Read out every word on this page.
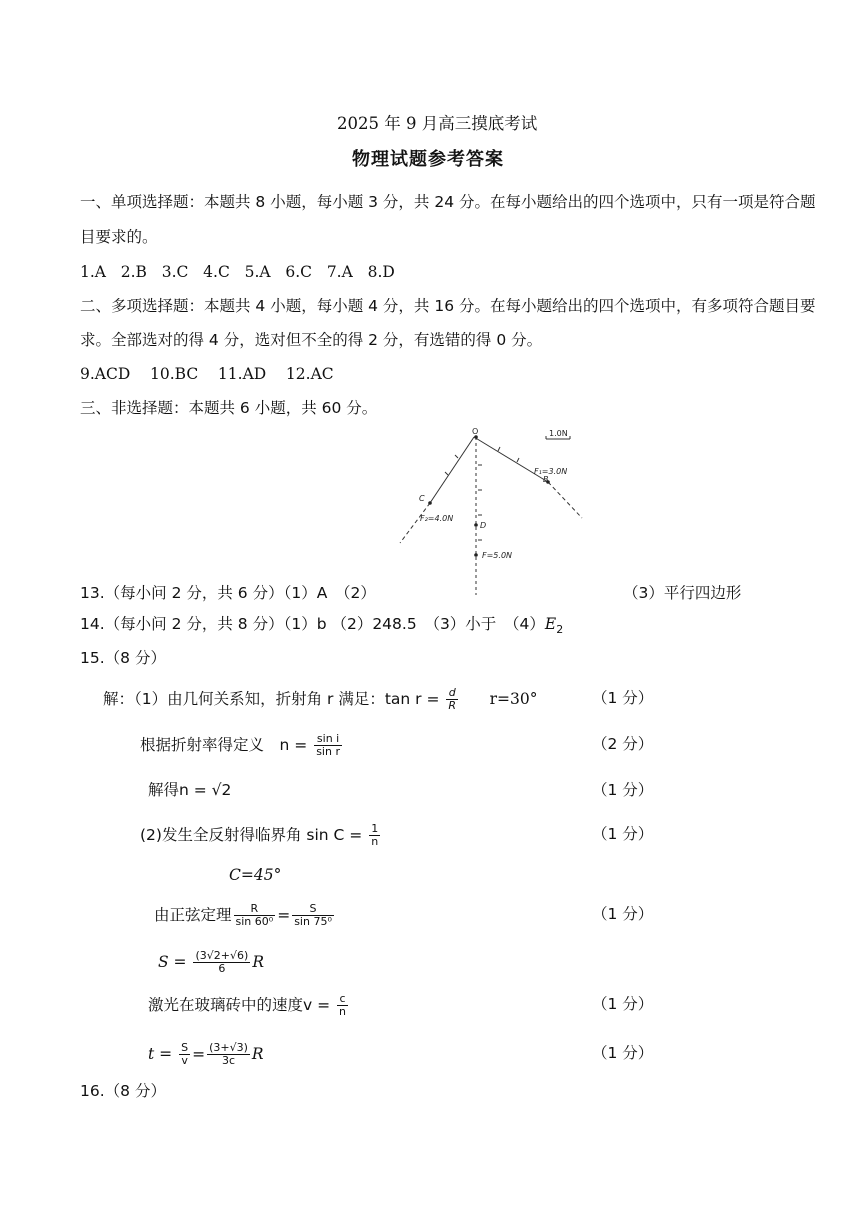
2025 年 9 月高三摸底考试
物理试题参考答案
一、单项选择题：本题共 8 小题，每小题 3 分，共 24 分。在每小题给出的四个选项中，只有一项是符合题
目要求的。
1.A 2.B 3.C 4.C 5.A 6.C 7.A 8.D
二、多项选择题：本题共 4 小题，每小题 4 分，共 16 分。在每小题给出的四个选项中，有多项符合题目要
求。全部选对的得 4 分，选对但不全的得 2 分，有选错的得 0 分。
9.ACD 10.BC 11.AD 12.AC
三、非选择题：本题共 6 小题，共 60 分。
O	1.0N
F₁=3.0N
B
C
F₂=4.0N
D
F=5.0N
13.（每小问 2 分，共 6 分）（1）A　（2）	（3）平行四边形
14.（每小问 2 分，共 8 分）（1）b （2）248.5　（3）小于　$(4)E_2$
15.（8 分）
解：（1）由几何关系知，折射角 r 满足：$\tan r = \frac{d}{R} r=30^\circ$	（1 分）
根据折射率得定义　$n = \frac{\text{sin i}}{\text{sin r}}$	（2 分）
解得n = √2	（1 分）
(2)发生全反射得临界角 $\sin C = \frac{1}{n}$	（1 分）
C=45°
由正弦定理 $\frac{R}{\text{sin 60⁰}} = \frac{S}{\text{sin 75⁰}}$	（1 分）
$S = \frac{(3√2+√6)}{6}$ R
激光在玻璃砖中的速度$v = \frac{c}{n}$	（1 分）
$t = \frac{S}{v} = \frac{(3+√3)}{3c}$ R	（1 分）
16.（8 分）
